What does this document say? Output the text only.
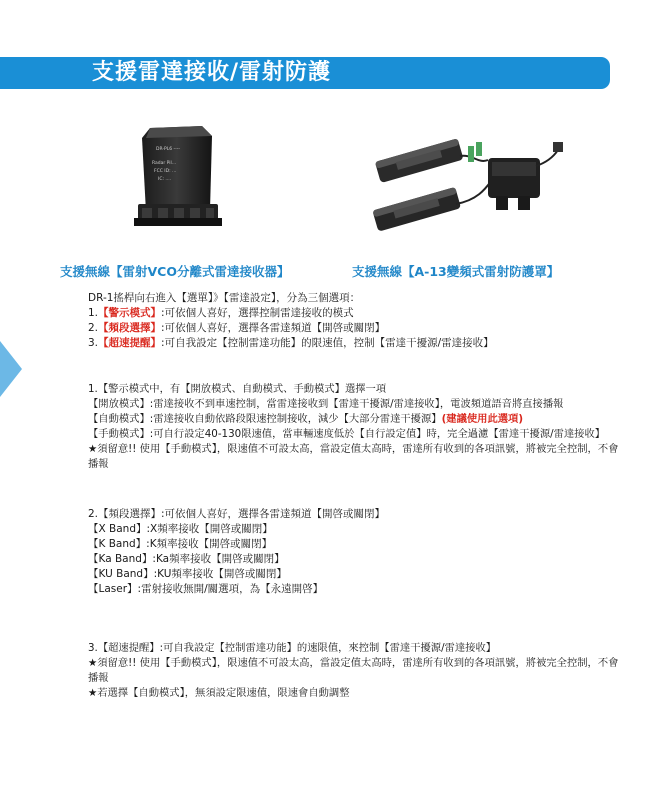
支援雷達接收/雷射防護
DR-PL6 ----
Radar Pil...
FCC ID: ...
IC: ....
支援無線【雷射VCO分離式雷達接收器】	支援無線【A-13變頻式雷射防護罩】
16
DR-1搖桿向右進入【選單】》【雷達設定】，分為三個選項：
1.【警示模式】:可依個人喜好，選擇控制雷達接收的模式
2.【頻段選擇】:可依個人喜好，選擇各雷達頻道【開啓或關閉】
3.【超速提醒】:可自我設定【控制雷達功能】的限速值，控制【雷達干擾源/雷達接收】
1.【警示模式中，有【開放模式、自動模式、手動模式】選擇一項
【開放模式】:雷達接收不到車速控制，當雷達接收到【雷達干擾源/雷達接收】，電波頻道語音將直接播報
【自動模式】:雷達接收自動依路段限速控制接收，減少【大部分雷達干擾源】(建議使用此選項)
【手動模式】:可自行設定40-130限速值，當車輛速度低於【自行設定值】時，完全過濾【雷達干擾源/雷達接收】
★須留意!! 使用【手動模式】，限速值不可設太高，當設定值太高時，雷達所有收到的各項訊號，將被完全控制，不會播報
2.【頻段選擇】:可依個人喜好，選擇各雷達頻道【開啓或關閉】
【X Band】:X頻率接收【開啓或關閉】
【K Band】:K頻率接收【開啓或關閉】
【Ka Band】:Ka頻率接收【開啓或關閉】
【KU Band】:KU頻率接收【開啓或關閉】
【Laser】:雷射接收無開/關選項，為【永遠開啓】
3.【超速提醒】:可自我設定【控制雷達功能】的速限值，來控制【雷達干擾源/雷達接收】
★須留意!! 使用【手動模式】，限速值不可設太高，當設定值太高時，雷達所有收到的各項訊號，將被完全控制，不會播報
★若選擇【自動模式】，無須設定限速值，限速會自動調整
